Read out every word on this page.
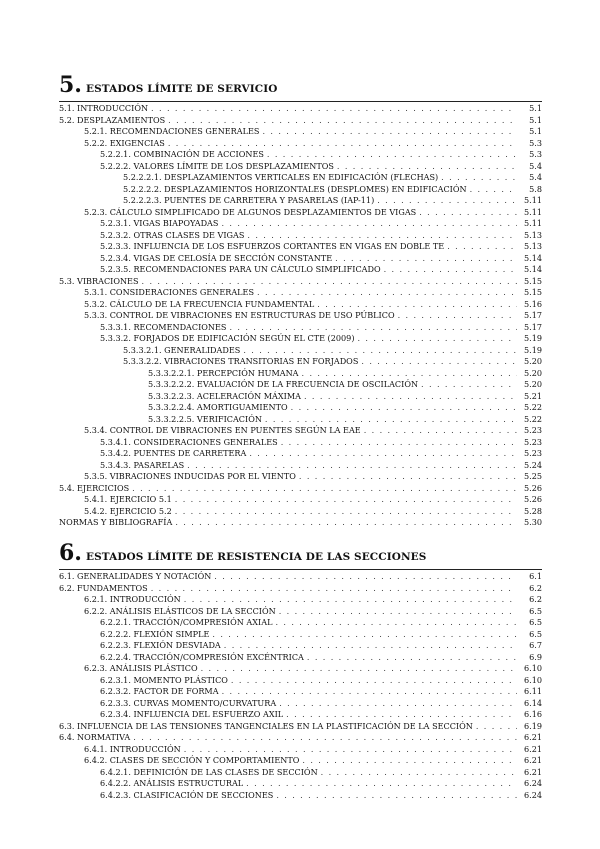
5. ESTADOS LÍMITE DE SERVICIO
5.1. INTRODUCCIÓN . . .	5.1
5.2. DESPLAZAMIENTOS . . .	5.1
5.2.1. RECOMENDACIONES GENERALES . . .	5.1
5.2.2. EXIGENCIAS . . .	5.3
5.2.2.1. COMBINACIÓN DE ACCIONES . . .	5.3
5.2.2.2. VALORES LÍMITE DE LOS DESPLAZAMIENTOS . . .	5.4
5.2.2.2.1. DESPLAZAMIENTOS VERTICALES EN EDIFICACIÓN (FLECHAS) . . .	5.4
5.2.2.2.2. DESPLAZAMIENTOS HORIZONTALES (DESPLOMES) EN EDIFICACIÓN . . .	5.8
5.2.2.2.3. PUENTES DE CARRETERA Y PASARELAS (IAP-11) . . .	5.11
5.2.3. CÁLCULO SIMPLIFICADO DE ALGUNOS DESPLAZAMIENTOS DE VIGAS . . .	5.11
5.2.3.1. VIGAS BIAPOYADAS . . .	5.11
5.2.3.2. OTRAS CLASES DE VIGAS . . .	5.13
5.2.3.3. INFLUENCIA DE LOS ESFUERZOS CORTANTES EN VIGAS EN DOBLE TE . . .	5.13
5.2.3.4. VIGAS DE CELOSÍA DE SECCIÓN CONSTANTE . . .	5.14
5.2.3.5. RECOMENDACIONES PARA UN CÁLCULO SIMPLIFICADO . . .	5.14
5.3. VIBRACIONES . . .	5.15
5.3.1. CONSIDERACIONES GENERALES . . .	5.15
5.3.2. CÁLCULO DE LA FRECUENCIA FUNDAMENTAL . . .	5.16
5.3.3. CONTROL DE VIBRACIONES EN ESTRUCTURAS DE USO PÚBLICO . . .	5.17
5.3.3.1. RECOMENDACIONES . . .	5.17
5.3.3.2. FORJADOS DE EDIFICACIÓN SEGÚN EL CTE (2009) . . .	5.19
5.3.3.2.1. GENERALIDADES . . .	5.19
5.3.3.2.2. VIBRACIONES TRANSITORIAS EN FORJADOS . . .	5.20
5.3.3.2.2.1. PERCEPCIÓN HUMANA . . .	5.20
5.3.3.2.2.2. EVALUACIÓN DE LA FRECUENCIA DE OSCILACIÓN . . .	5.20
5.3.3.2.2.3. ACELERACIÓN MÁXIMA . . .	5.21
5.3.3.2.2.4. AMORTIGUAMIENTO . . .	5.22
5.3.3.2.2.5. VERIFICACIÓN . . .	5.22
5.3.4. CONTROL DE VIBRACIONES EN PUENTES SEGÚN LA EAE . . .	5.23
5.3.4.1. CONSIDERACIONES GENERALES . . .	5.23
5.3.4.2. PUENTES DE CARRETERA . . .	5.23
5.3.4.3. PASARELAS . . .	5.24
5.3.5. VIBRACIONES INDUCIDAS POR EL VIENTO . . .	5.25
5.4. EJERCICIOS . . .	5.26
5.4.1. EJERCICIO 5.1 . . .	5.26
5.4.2. EJERCICIO 5.2 . . .	5.28
NORMAS Y BIBLIOGRAFÍA . . .	5.30
6. ESTADOS LÍMITE DE RESISTENCIA DE LAS SECCIONES
6.1. GENERALIDADES Y NOTACIÓN . . .	6.1
6.2. FUNDAMENTOS . . .	6.2
6.2.1. INTRODUCCIÓN . . .	6.2
6.2.2. ANÁLISIS ELÁSTICOS DE LA SECCIÓN . . .	6.5
6.2.2.1. TRACCIÓN/COMPRESIÓN AXIAL . . .	6.5
6.2.2.2. FLEXIÓN SIMPLE . . .	6.5
6.2.2.3. FLEXIÓN DESVIADA . . .	6.7
6.2.2.4. TRACCIÓN/COMPRESIÓN EXCÉNTRICA . . .	6.9
6.2.3. ANÁLISIS PLÁSTICO . . .	6.10
6.2.3.1. MOMENTO PLÁSTICO . . .	6.10
6.2.3.2. FACTOR DE FORMA . . .	6.11
6.2.3.3. CURVAS MOMENTO/CURVATURA . . .	6.14
6.2.3.4. INFLUENCIA DEL ESFUERZO AXIL . . .	6.16
6.3. INFLUENCIA DE LAS TENSIONES TANGENCIALES EN LA PLASTIFICACIÓN DE LA SECCIÓN . . .	6.19
6.4. NORMATIVA . . .	6.21
6.4.1. INTRODUCCIÓN . . .	6.21
6.4.2. CLASES DE SECCIÓN Y COMPORTAMIENTO . . .	6.21
6.4.2.1. DEFINICIÓN DE LAS CLASES DE SECCIÓN . . .	6.21
6.4.2.2. ANÁLISIS ESTRUCTURAL . . .	6.24
6.4.2.3. CLASIFICACIÓN DE SECCIONES . . .	6.24
